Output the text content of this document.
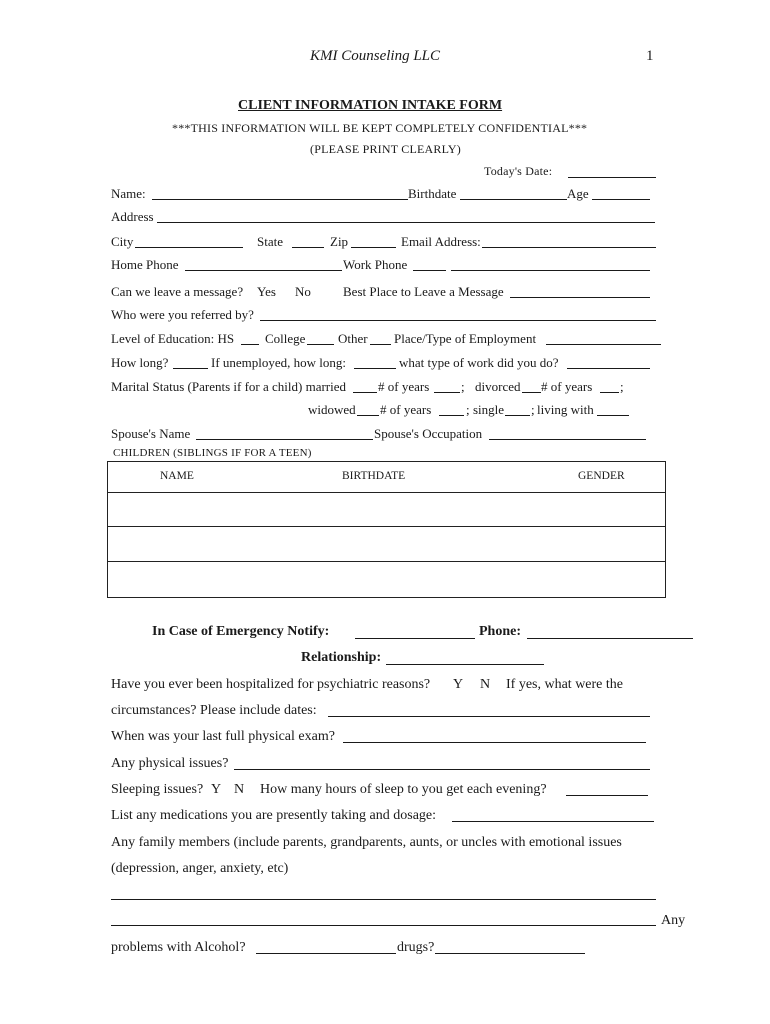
KMI Counseling LLC	1
CLIENT INFORMATION INTAKE FORM
***THIS INFORMATION WILL BE KEPT COMPLETELY CONFIDENTIAL***
(PLEASE PRINT CLEARLY)
Today's Date:
Name:	Birthdate	Age
Address
City	State	Zip	Email Address:
Home Phone	Work Phone
Can we leave a message? Yes No Best Place to Leave a Message
Who were you referred by?
Level of Education: HS College	Other Place/Type of Employment
How long?	If unemployed, how long:	what type of work did you do?
Marital Status (Parents if for a child) married # of years ; divorced # of years ;
widowed # of years	; single ; living with
Spouse's Name	Spouse's Occupation
CHILDREN (SIBLINGS IF FOR A TEEN)
NAME	BIRTHDATE	GENDER
In Case of Emergency Notify:	Phone:
Relationship:
Have you ever been hospitalized for psychiatric reasons? Y N If yes, what were the
circumstances? Please include dates:
When was your last full physical exam?
Any physical issues?
Sleeping issues? Y N How many hours of sleep to you get each evening?
List any medications you are presently taking and dosage:
Any family members (include parents, grandparents, aunts, or uncles with emotional issues
(depression, anger, anxiety, etc)
Any
problems with Alcohol?	drugs?
